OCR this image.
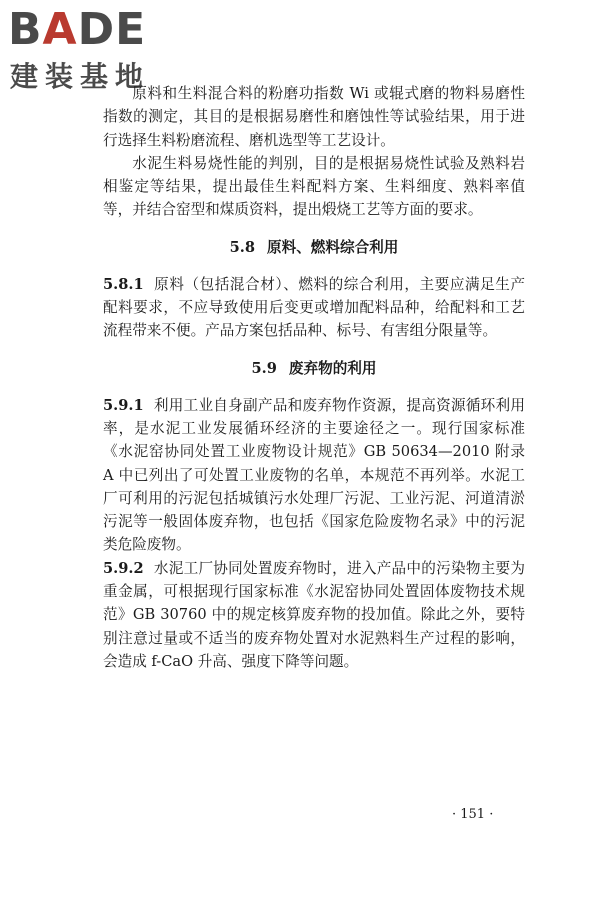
BADE
建装基地

原料和生料混合料的粉磨功指数 Wi 或辊式磨的物料易磨性指数的测定，其目的是根据易磨性和磨蚀性等试验结果，用于进行选择生料粉磨流程、磨机选型等工艺设计。

水泥生料易烧性能的判别，目的是根据易烧性试验及熟料岩相鉴定等结果，提出最佳生料配料方案、生料细度、熟料率值等，并结合窑型和煤质资料，提出煅烧工艺等方面的要求。

5.8 原料、燃料综合利用

5.8.1 原料（包括混合材）、燃料的综合利用，主要应满足生产配料要求，不应导致使用后变更或增加配料品种，给配料和工艺流程带来不便。产品方案包括品种、标号、有害组分限量等。

5.9 废弃物的利用

5.9.1 利用工业自身副产品和废弃物作资源，提高资源循环利用率，是水泥工业发展循环经济的主要途径之一。现行国家标准《水泥窑协同处置工业废物设计规范》GB 50634—2010 附录 A 中已列出了可处置工业废物的名单，本规范不再列举。水泥工厂可利用的污泥包括城镇污水处理厂污泥、工业污泥、河道清淤污泥等一般固体废弃物，也包括《国家危险废物名录》中的污泥类危险废物。

5.9.2 水泥工厂协同处置废弃物时，进入产品中的污染物主要为重金属，可根据现行国家标准《水泥窑协同处置固体废物技术规范》GB 30760 中的规定核算废弃物的投加值。除此之外，要特别注意过量或不适当的废弃物处置对水泥熟料生产过程的影响，会造成 f-CaO 升高、强度下降等问题。

· 151 ·
